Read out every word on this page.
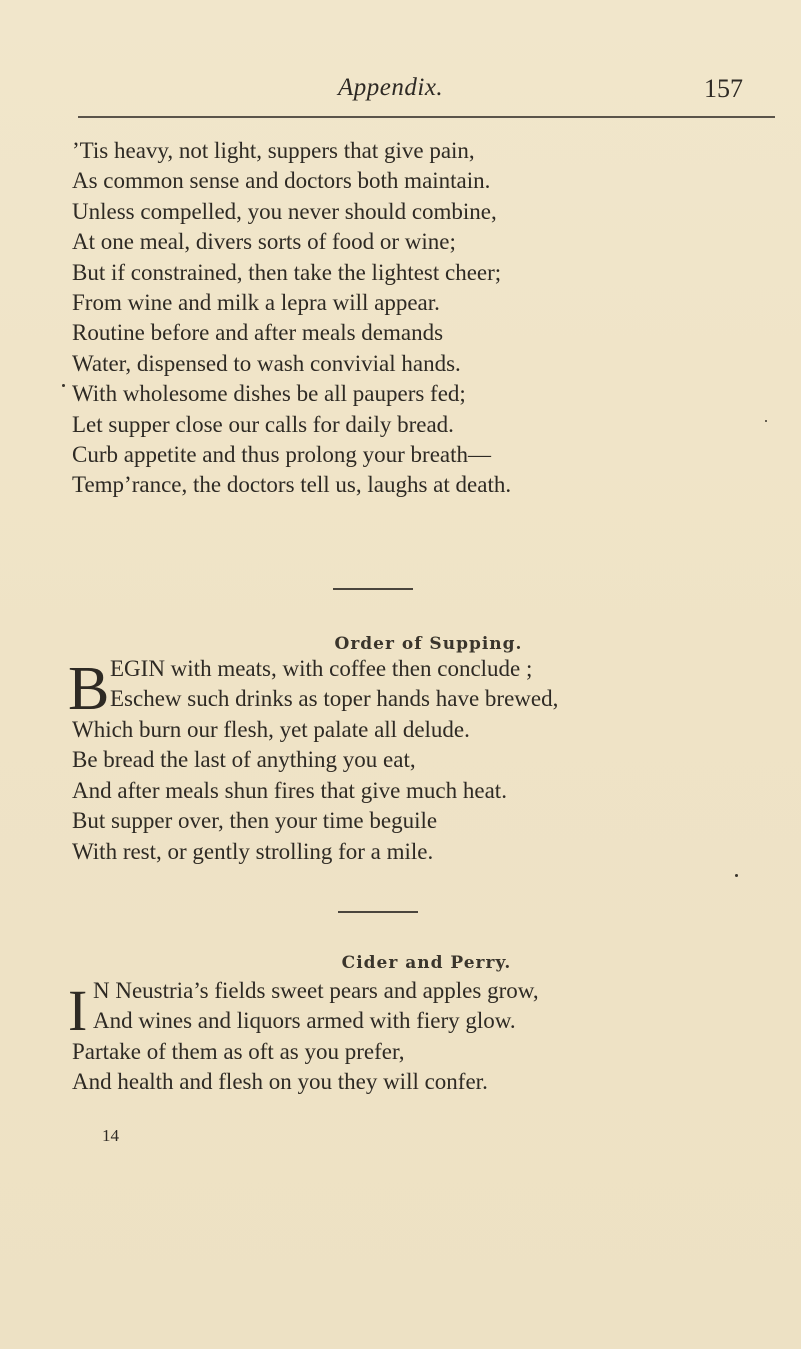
Appendix.	157
’Tis heavy, not light, suppers that give pain,
As common sense and doctors both maintain.
Unless compelled, you never should combine,
At one meal, divers sorts of food or wine;
But if constrained, then take the lightest cheer;
From wine and milk a lepra will appear.
Routine before and after meals demands
Water, dispensed to wash convivial hands.
With wholesome dishes be all paupers fed;
Let supper close our calls for daily bread.
Curb appetite and thus prolong your breath—
Temp’rance, the doctors tell us, laughs at death.
Order of Supping.
B EGIN with meats, with coffee then conclude ;
Eschew such drinks as toper hands have brewed,
Which burn our flesh, yet palate all delude.
Be bread the last of anything you eat,
And after meals shun fires that give much heat.
But supper over, then your time beguile
With rest, or gently strolling for a mile.
Cider and Perry.
I N Neustria’s fields sweet pears and apples grow,
And wines and liquors armed with fiery glow.
Partake of them as oft as you prefer,
And health and flesh on you they will confer.
14
